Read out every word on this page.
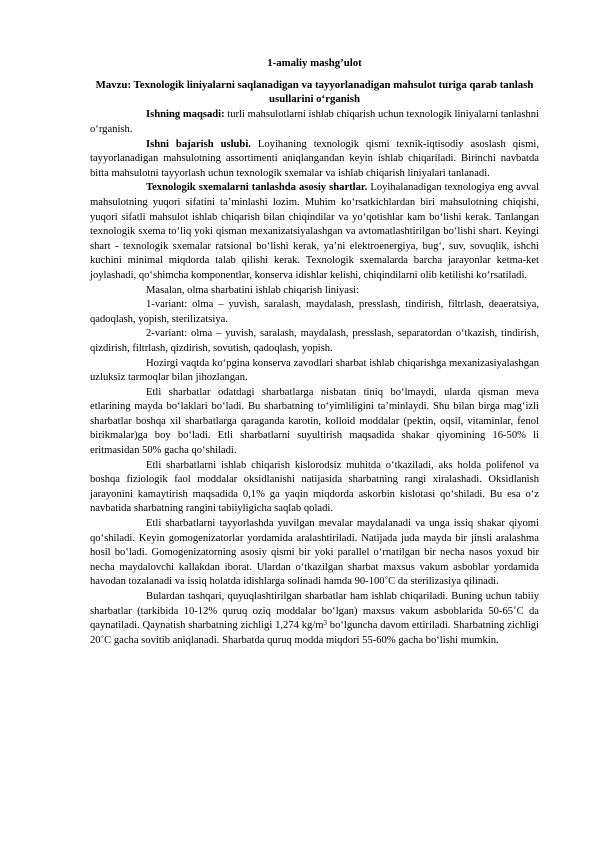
1-amaliy mashg’ulot
Mavzu: Texnologik liniyalarni saqlanadigan va tayyorlanadigan mahsulot turiga qarab tanlash usullarini o‘rganish

Ishning maqsadi: turli mahsulotlarni ishlab chiqarish uchun texnologik liniyalarni tanlashni o‘rganish.

Ishni bajarish uslubi. Loyihaning texnologik qismi texnik-iqtisodiy asoslash qismi, tayyorlanadigan mahsulotning assortimenti aniqlangandan keyin ishlab chiqariladi. Birinchi navbatda bitta mahsulotni tayyorlash uchun texnologik sxemalar va ishlab chiqarish liniyalari tanlanadi.

Texnologik sxemalarni tanlashda asosiy shartlar. Loyihalanadigan texnologiya eng avval mahsulotning yuqori sifatini ta’minlashi lozim. Muhim ko‘rsatkichlardan biri mahsulotning chiqishi, yuqori sifatli mahsulot ishlab chiqarish bilan chiqindilar va yo‘qotishlar kam bo‘lishi kerak. Tanlangan texnologik sxema to‘liq yoki qisman mexanizatsiyalashgan va avtomatlashtirilgan bo‘lishi shart. Keyingi shart - texnologik sxemalar ratsional bo‘lishi kerak, ya’ni elektroenergiya, bug‘, suv, sovuqlik, ishchi kuchini minimal miqdorda talab qilishi kerak. Texnologik sxemalarda barcha jarayonlar ketma-ket joylashadi, qo‘shimcha komponentlar, konserva idishlar kelishi, chiqindilarni olib ketilishi ko‘rsatiladi.

Masalan, olma sharbatini ishlab chiqarish liniyasi:

1-variant: olma – yuvish, saralash, maydalash, presslash, tindirish, filtrlash, deaeratsiya, qadoqlash, yopish, sterilizatsiya.

2-variant: olma – yuvish, saralash, maydalash, presslash, separatordan o‘tkazish, tindirish, qizdirish, filtrlash, qizdirish, sovutish, qadoqlash, yopish.

Hozirgi vaqtda ko‘pgina konserva zavodlari sharbat ishlab chiqarishga mexanizasiyalashgan uzluksiz tarmoqlar bilan jihozlangan.

Etli sharbatlar odatdagi sharbatlarga nisbatan tiniq bo‘lmaydi, ularda qisman meva etlarining mayda bo‘laklari bo‘ladi. Bu sharbatning to‘yimliligini ta’minlaydi. Shu bilan birga mag‘izli sharbatlar boshqa xil sharbatlarga qaraganda karotin, kolloid moddalar (pektin, oqsil, vitaminlar, fenol birikmalar)ga boy bo‘ladi. Etli sharbatlarni suyultirish maqsadida shakar qiyomining 16-50% li eritmasidan 50% gacha qo‘shiladi.

Etli sharbatlarni ishlab chiqarish kislorodsiz muhitda o‘tkaziladi, aks holda polifenol va boshqa fiziologik faol moddalar oksidlanishi natijasida sharbatning rangi xiralashadi. Oksidlanish jarayonini kamaytirish maqsadida 0,1% ga yaqin miqdorda askorbin kislotasi qo‘shiladi. Bu esa o‘z navbatida sharbatning rangini tabiiyligicha saqlab qoladi.

Etli sharbatlarni tayyorlashda yuvilgan mevalar maydalanadi va unga issiq shakar qiyomi qo‘shiladi. Keyin gomogenizatorlar yordamida aralashtiriladi. Natijada juda mayda bir jinsli aralashma hosil bo‘ladi. Gomogenizatorning asosiy qismi bir yoki parallel o‘rnatilgan bir necha nasos yoxud bir necha maydalovchi kallakdan iborat. Ulardan o‘tkazilgan sharbat maxsus vakum asboblar yordamida havodan tozalanadi va issiq holatda idishlarga solinadi hamda 90-100˚C da sterilizasiya qilinadi.

Bulardan tashqari, quyuqlashtirilgan sharbatlar ham ishlab chiqariladi. Buning uchun tabiiy sharbatlar (tarkibida 10-12% quruq oziq moddalar bo‘lgan) maxsus vakum asboblarida 50-65˚C da qaynatiladi. Qaynatish sharbatning zichligi 1,274 $kg/m^3$ bo‘lguncha davom ettiriladi. Sharbatning zichligi 20˚C gacha sovitib aniqlanadi. Sharbatda quruq modda miqdori 55-60% gacha bo‘lishi mumkin.
